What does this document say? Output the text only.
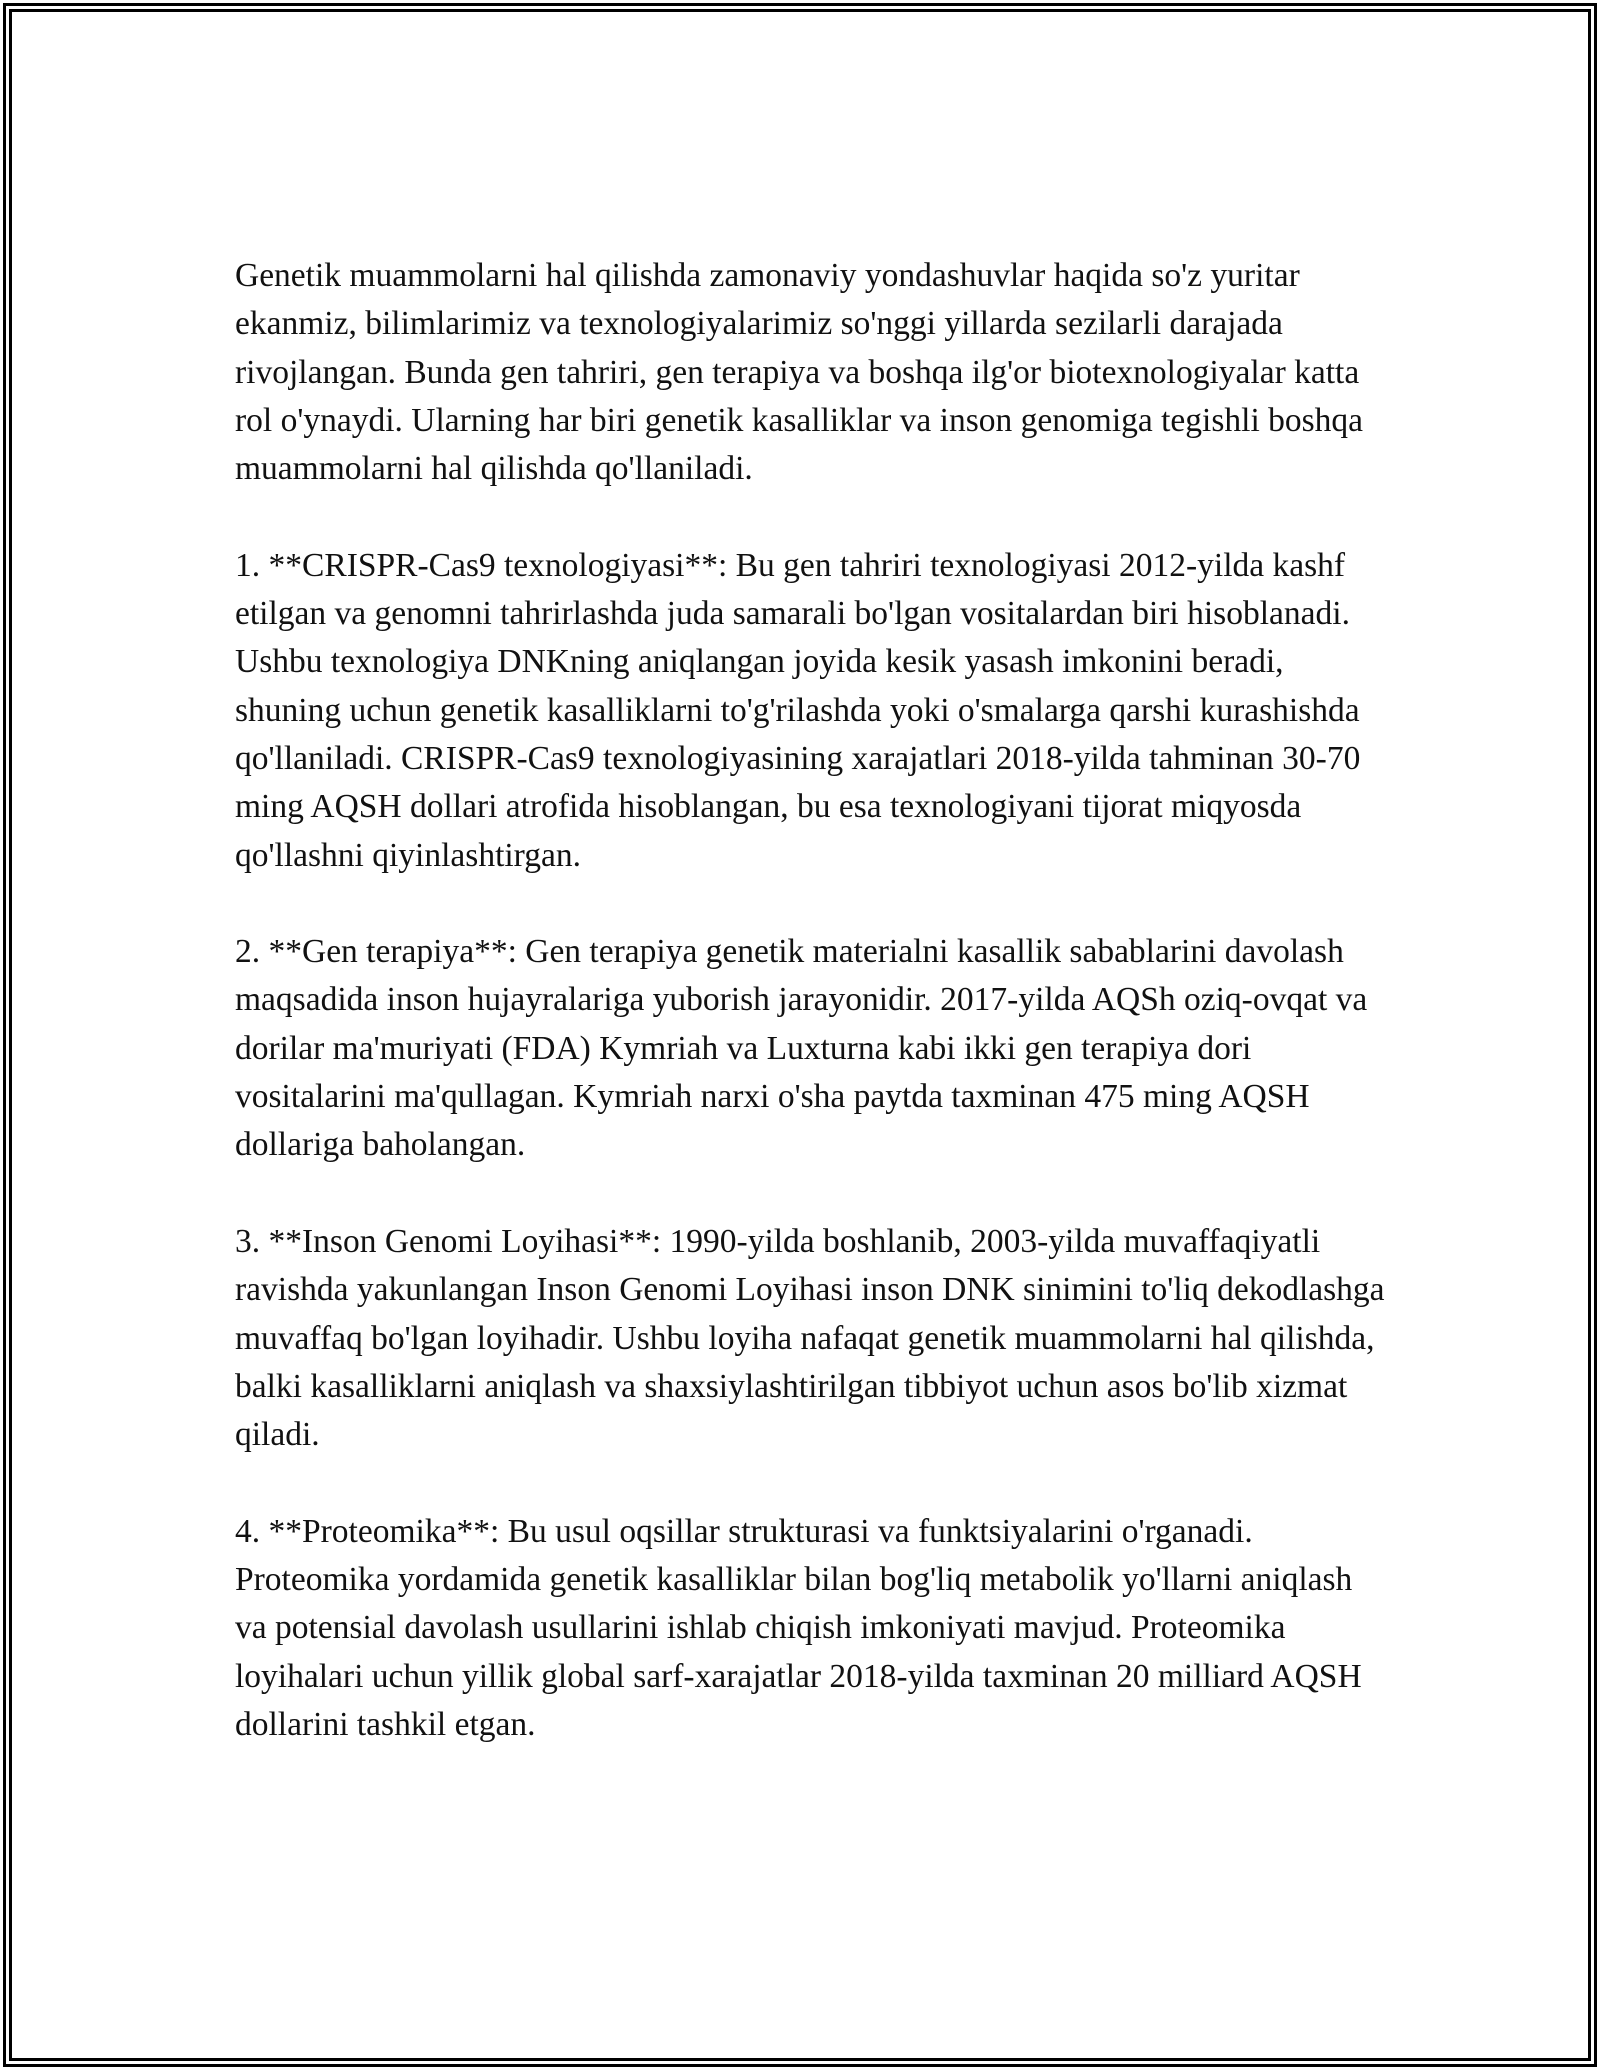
Genetik muammolarni hal qilishda zamonaviy yondashuvlar haqida so'z yuritar ekanmiz, bilimlarimiz va texnologiyalarimiz so'nggi yillarda sezilarli darajada rivojlangan. Bunda gen tahriri, gen terapiya va boshqa ilg'or biotexnologiyalar katta rol o'ynaydi. Ularning har biri genetik kasalliklar va inson genomiga tegishli boshqa muammolarni hal qilishda qo'llaniladi.

1. **CRISPR-Cas9 texnologiyasi**: Bu gen tahriri texnologiyasi 2012-yilda kashf etilgan va genomni tahrirlashda juda samarali bo'lgan vositalardan biri hisoblanadi. Ushbu texnologiya DNKning aniqlangan joyida kesik yasash imkonini beradi, shuning uchun genetik kasalliklarni to'g'rilashda yoki o'smalarga qarshi kurashishda qo'llaniladi. CRISPR-Cas9 texnologiyasining xarajatlari 2018-yilda tahminan 30-70 ming AQSH dollari atrofida hisoblangan, bu esa texnologiyani tijorat miqyosda qo'llashni qiyinlashtirgan.

2. **Gen terapiya**: Gen terapiya genetik materialni kasallik sabablarini davolash maqsadida inson hujayralariga yuborish jarayonidir. 2017-yilda AQSh oziq-ovqat va dorilar ma'muriyati (FDA) Kymriah va Luxturna kabi ikki gen terapiya dori vositalarini ma'qullagan. Kymriah narxi o'sha paytda taxminan 475 ming AQSH dollariga baholangan.

3. **Inson Genomi Loyihasi**: 1990-yilda boshlanib, 2003-yilda muvaffaqiyatli ravishda yakunlangan Inson Genomi Loyihasi inson DNK sinimini to'liq dekodlashga muvaffaq bo'lgan loyihadir. Ushbu loyiha nafaqat genetik muammolarni hal qilishda, balki kasalliklarni aniqlash va shaxsiylashtirilgan tibbiyot uchun asos bo'lib xizmat qiladi.

4. **Proteomika**: Bu usul oqsillar strukturasi va funktsiyalarini o'rganadi. Proteomika yordamida genetik kasalliklar bilan bog'liq metabolik yo'llarni aniqlash va potensial davolash usullarini ishlab chiqish imkoniyati mavjud. Proteomika loyihalari uchun yillik global sarf-xarajatlar 2018-yilda taxminan 20 milliard AQSH dollarini tashkil etgan.
